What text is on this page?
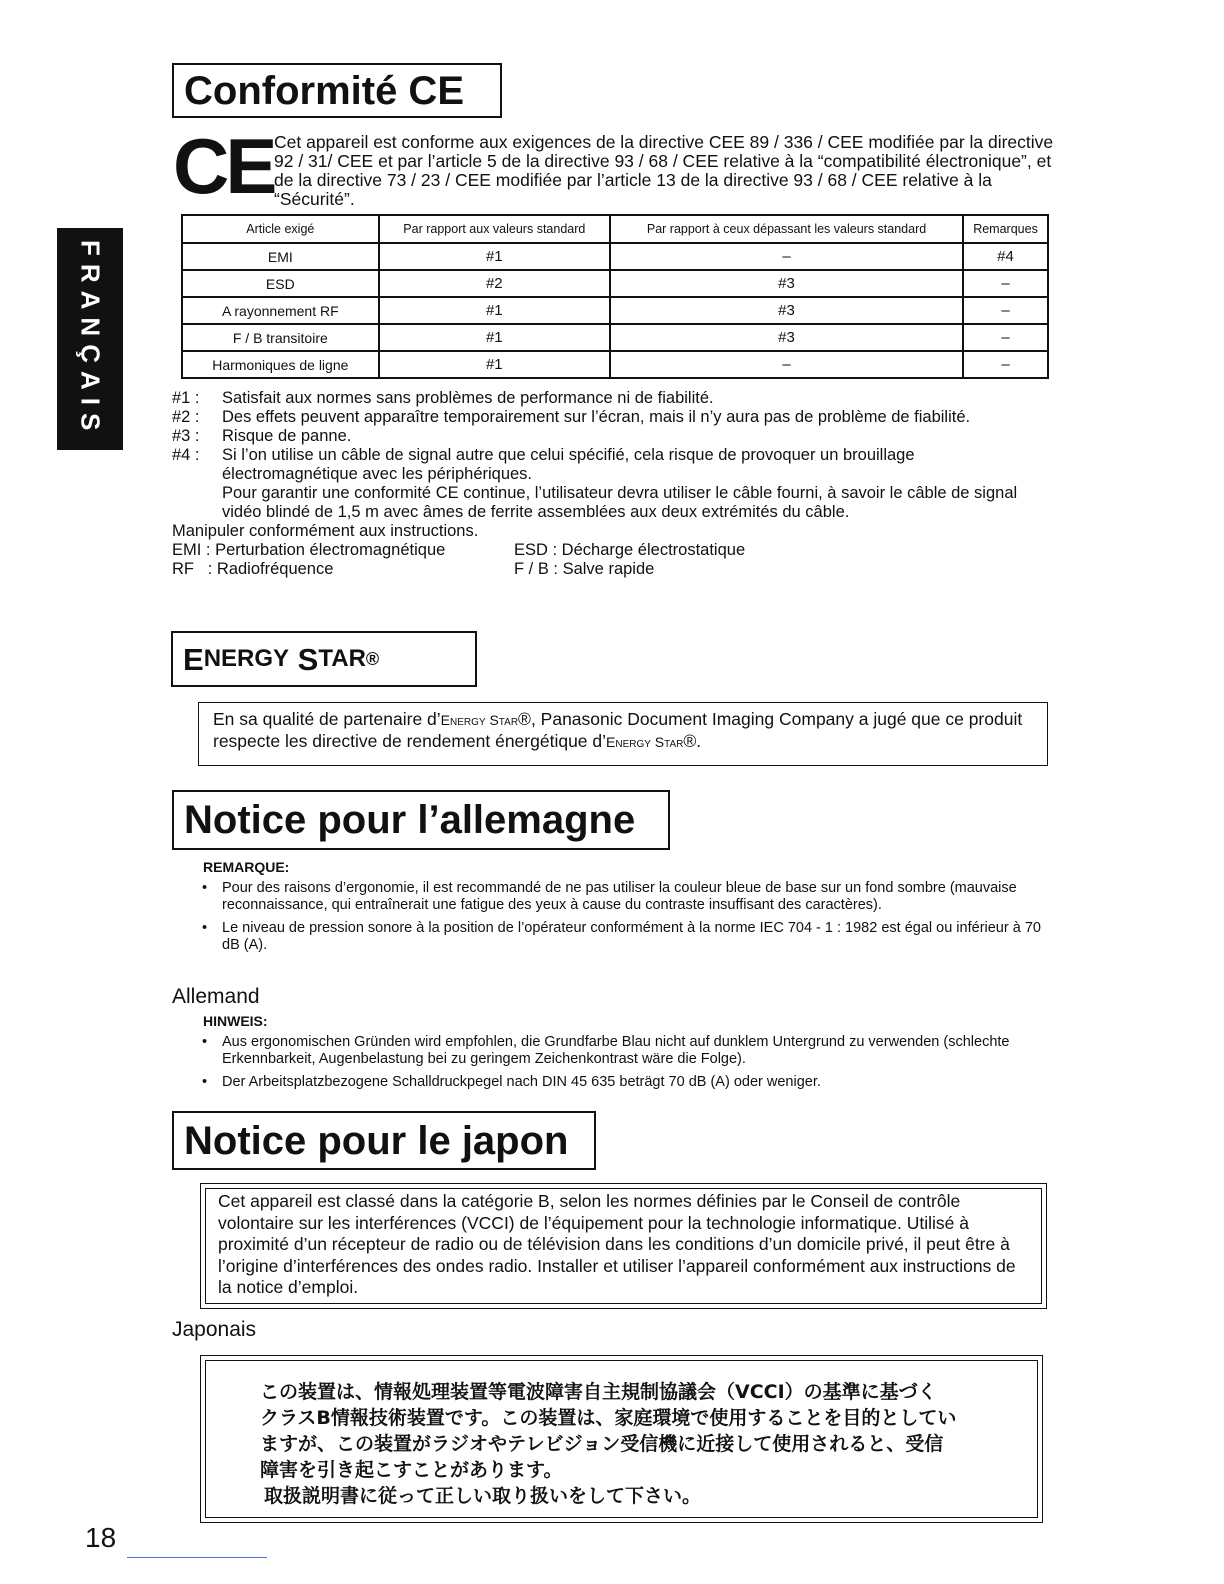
FRANÇAIS
Conformité CE
CE Cet appareil est conforme aux exigences de la directive CEE 89 / 336 / CEE modifiée par la directive 92 / 31/ CEE et par l’article 5 de la directive 93 / 68 / CEE relative à la “compatibilité électronique”, et de la directive 73 / 23 / CEE modifiée par l’article 13 de la directive 93 / 68 / CEE relative à la “Sécurité”.
Article exigé	Par rapport aux valeurs standard	Par rapport à ceux dépassant les valeurs standard	Remarques
EMI	#1	–	#4
ESD	#2	#3	–
A rayonnement RF	#1	#3	–
F / B transitoire	#1	#3	–
Harmoniques de ligne	#1	–	–
#1 :	Satisfait aux normes sans problèmes de performance ni de fiabilité.
#2 :	Des effets peuvent apparaître temporairement sur l’écran, mais il n’y aura pas de problème de fiabilité.
#3 :	Risque de panne.
#4 :	Si l’on utilise un câble de signal autre que celui spécifié, cela risque de provoquer un brouillage électromagnétique avec les périphériques.
Pour garantir une conformité CE continue, l’utilisateur devra utiliser le câble fourni, à savoir le câble de signal vidéo blindé de 1,5 m avec âmes de ferrite assemblées aux deux extrémités du câble.
Manipuler conformément aux instructions.
EMI : Perturbation électromagnétique	ESD : Décharge électrostatique
RF   : Radiofréquence	F / B : Salve rapide
E NERGY
S TAR ®
En sa qualité de partenaire d’Energy Star®, Panasonic Document Imaging Company a jugé que ce produit respecte les directive de rendement énergétique d’Energy Star®.
Notice pour l’allemagne
REMARQUE:
• Pour des raisons d’ergonomie, il est recommandé de ne pas utiliser la couleur bleue de base sur un fond sombre (mauvaise reconnaissance, qui entraînerait une fatigue des yeux à cause du contraste insuffisant des caractères).
• Le niveau de pression sonore à la position de l’opérateur conformément à la norme IEC 704 - 1 : 1982 est égal ou inférieur à 70 dB (A).
Allemand
HINWEIS:
• Aus ergonomischen Gründen wird empfohlen, die Grundfarbe Blau nicht auf dunklem Untergrund zu verwenden (schlechte Erkennbarkeit, Augenbelastung bei zu geringem Zeichenkontrast wäre die Folge).
• Der Arbeitsplatzbezogene Schalldruckpegel nach DIN 45 635 beträgt 70 dB (A) oder weniger.
Notice pour le japon
Cet appareil est classé dans la catégorie B, selon les normes définies par le Conseil de contrôle volontaire sur les interférences (VCCI) de l’équipement pour la technologie informatique. Utilisé à proximité d’un récepteur de radio ou de télévision dans les conditions d’un domicile privé, il peut être à l’origine d’interférences des ondes radio. Installer et utiliser l’appareil conformément aux instructions de la notice d’emploi.
Japonais
この装置は、情報処理装置等電波障害自主規制協議会（VCCI）の基準に基づく
クラスB情報技術装置です。この装置は、家庭環境で使用することを目的としてい
ますが、この装置がラジオやテレビジョン受信機に近接して使用されると、受信
障害を引き起こすことがあります。
取扱説明書に従って正しい取り扱いをして下さい。
18
